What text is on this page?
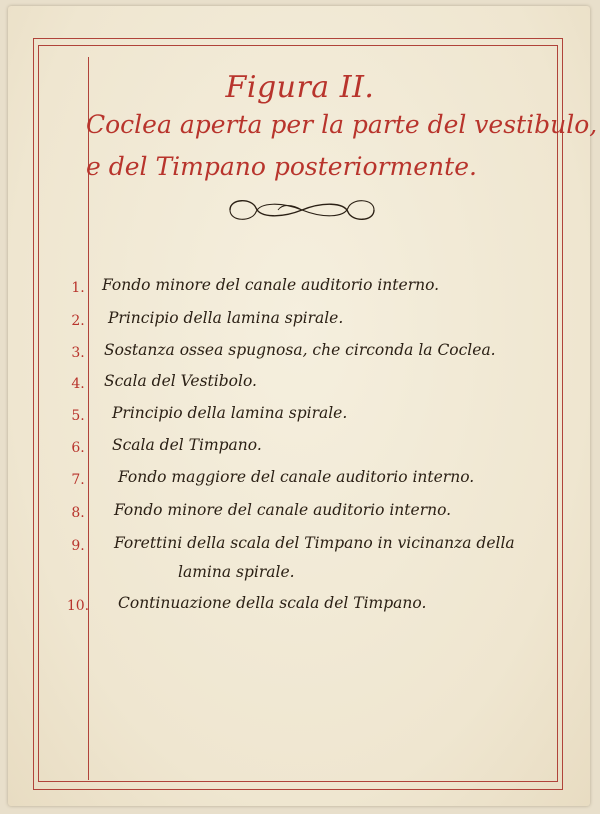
Figura II.
Coclea aperta per la parte del vestibulo,
e del Timpano posteriormente.
1.	Fondo minore del canale auditorio interno.
2.	Principio della lamina spirale.
3.	Sostanza ossea spugnosa, che circonda la Coclea.
4.	Scala del Vestibolo.
5.	Principio della lamina spirale.
6.	Scala del Timpano.
7.	Fondo maggiore del canale auditorio interno.
8.	Fondo minore del canale auditorio interno.
9.	Forettini della scala del Timpano in vicinanza della
lamina spirale.
10. Continuazione della scala del Timpano.
